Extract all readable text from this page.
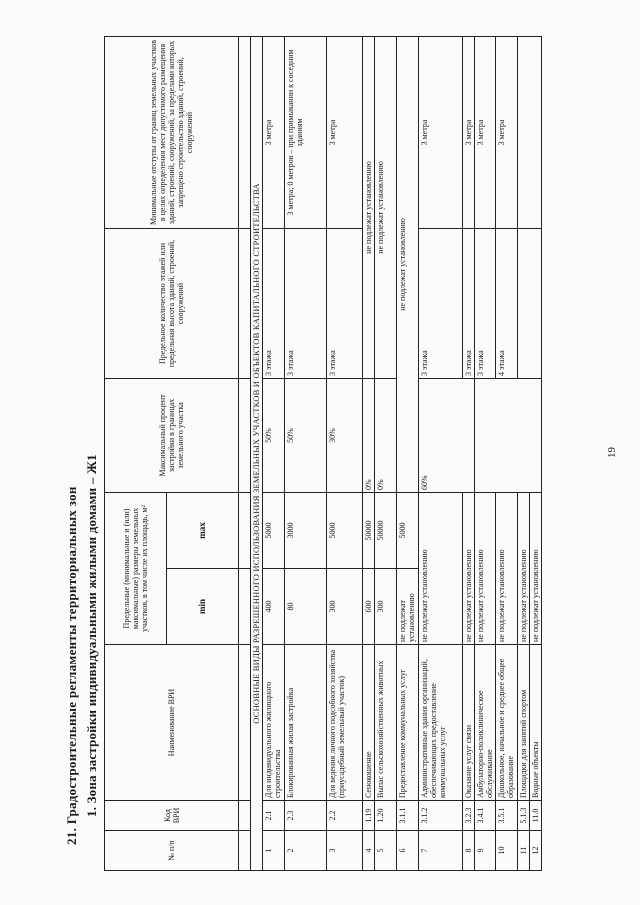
19
21. Градостроительные регламенты территориальных зон 1. Зона застройки индивидуальными жилыми домами – Ж1
№ п/п	Код ВРИ	Наименование ВРИ	Предельные (минимальные и (или) максимальные) размеры земельных участков, в том числе их площадь, м²		Максимальный процент застройки в границах земельного участка	Предельное количество этажей или предельная высота зданий, строений, сооружений	Минимальные отступы от границ земельных участков в целях определения мест допустимого размещения зданий, строений, сооружений, за пределами которых запрещено строительство зданий, строений, сооружений
			min	max			

ОСНОВНЫЕ ВИДЫ РАЗРЕШЕННОГО ИСПОЛЬЗОВАНИЯ ЗЕМЕЛЬНЫХ УЧАСТКОВ И ОБЪЕКТОВ КАПИТАЛЬНОГО СТРОИТЕЛЬСТВА							
1	2.1	Для индивидуального жилищного строительства	400	5000	50%	3 этажа	3 метра
2	2.3	Блокированная жилая застройка	80	3000	50%	3 этажа	3 метра; 0 метров – при примыкании к соседним зданиям
3	2.2	Для ведения личного подсобного хозяйства (приусадебный земельный участок)	300	5000	30%	3 этажа	3 метра
4	1.19	Сенокошение	600	50000	0%	не подлежат установлению	
5	1.20	Выпас сельскохозяйственных животных	300	50000	0%	не подлежат установлению	
6	3.1.1	Предоставление коммунальных услуг	не подлежат установлению	5000	не подлежат установлению		
7	3.1.2	Административные здания организаций, обеспечивающих предоставление коммунальных услуг	не подлежат установлению		60%	3 этажа	3 метра
8	3.2.3	Оказание услуг связи	не подлежат установлению			3 этажа	3 метра
9	3.4.1	Амбулаторно-поликлиническое обслуживание	не подлежат установлению			3 этажа	3 метра
10	3.5.1	Дошкольное, начальное и среднее общее образование	не подлежат установлению			4 этажа	3 метра
11	5.1.3	Площадки для занятий спортом	не подлежат установлению				
12	11.0	Водные объекты	не подлежат установлению				
